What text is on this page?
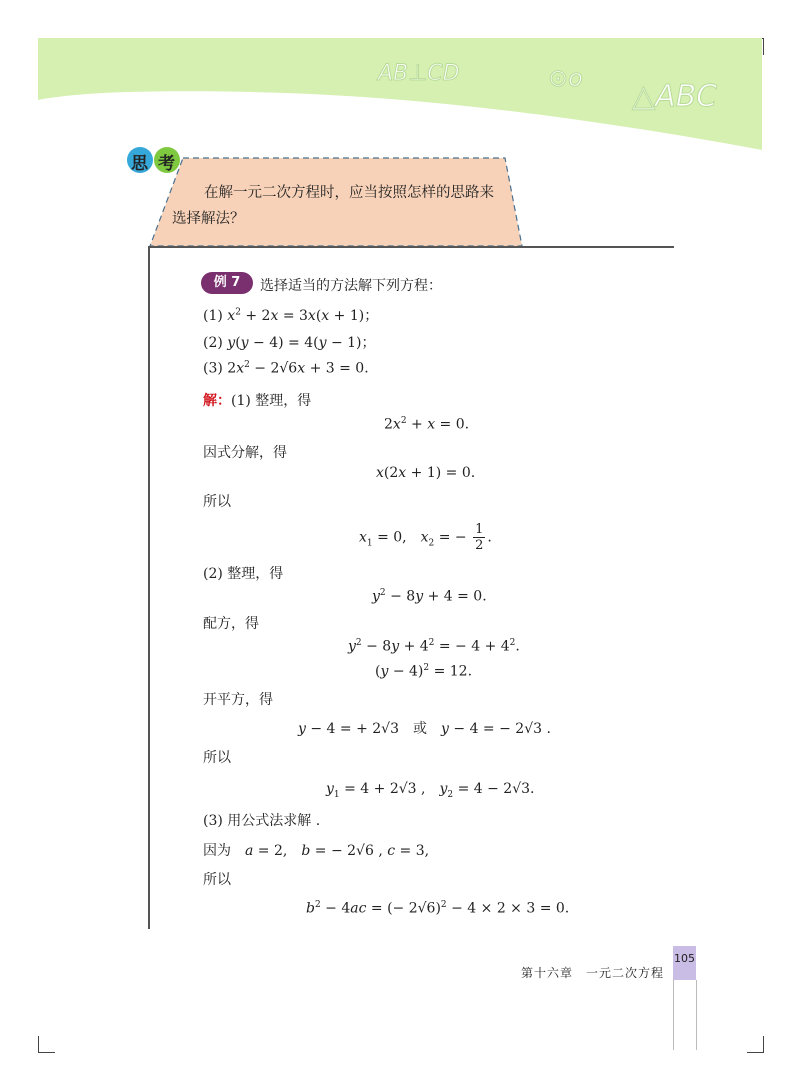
AB⊥CD	⊙o
△ABC
思 考
在解一元二次方程时，应当按照怎样的思路来选择解法？
例 7	选择适当的方法解下列方程：
(1) $x^2 + 2x = 3x(x + 1)$；
(2) y(y − 4) = 4(y − 1)；
(3) $2x^2 - 2√6x + 3 = 0$.
解：(1) 整理，得
$2x^2 + x = 0$.
因式分解，得
x(2x + 1) = 0.
所以
$x_1 = 0$,　$x_2$ = − $\frac{1}{2}$ .
(2) 整理，得
$y^2 - 8y + 4 = 0$.
配方，得
$y^2 - 8y + 4^2$ = − $4 + 4^2$.
$(y - 4)^2 = 12$.
开平方，得
y − 4 = + 2√3　或　 y − 4 = − 2√3 .
所以
$y_1 = 4 + 2√3$ ,　$y_2 = 4 - 2√3$.
(3) 用公式法求解 .
因为　 a = 2,　b = − 2√6 , c = 3,
所以
$b^2 - 4ac$ = (− 2√6)$^2$ − 4 × 2 × 3 = 0.
第十六章　一元二次方程
105
